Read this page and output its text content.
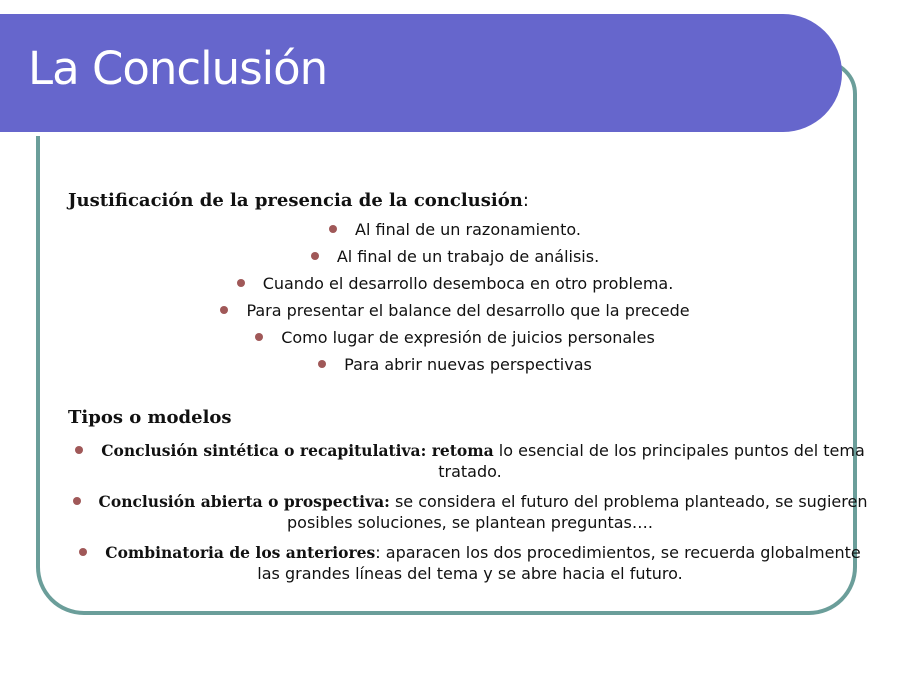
La Conclusión
Justificación de la presencia de la conclusión:
Al final de un razonamiento.
Al final de un trabajo de análisis.
Cuando el desarrollo desemboca en otro problema.
Para presentar el balance del desarrollo que la precede
Como lugar de expresión de juicios personales
Para abrir nuevas perspectivas
Tipos o modelos
Conclusión sintética o recapitulativa: retoma lo esencial de los principales puntos del tema tratado.
Conclusión abierta o prospectiva: se considera el futuro del problema planteado, se sugieren posibles soluciones, se plantean preguntas….
Combinatoria de los anteriores: aparacen los dos procedimientos, se recuerda globalmente las grandes líneas del tema y se abre hacia el futuro.
